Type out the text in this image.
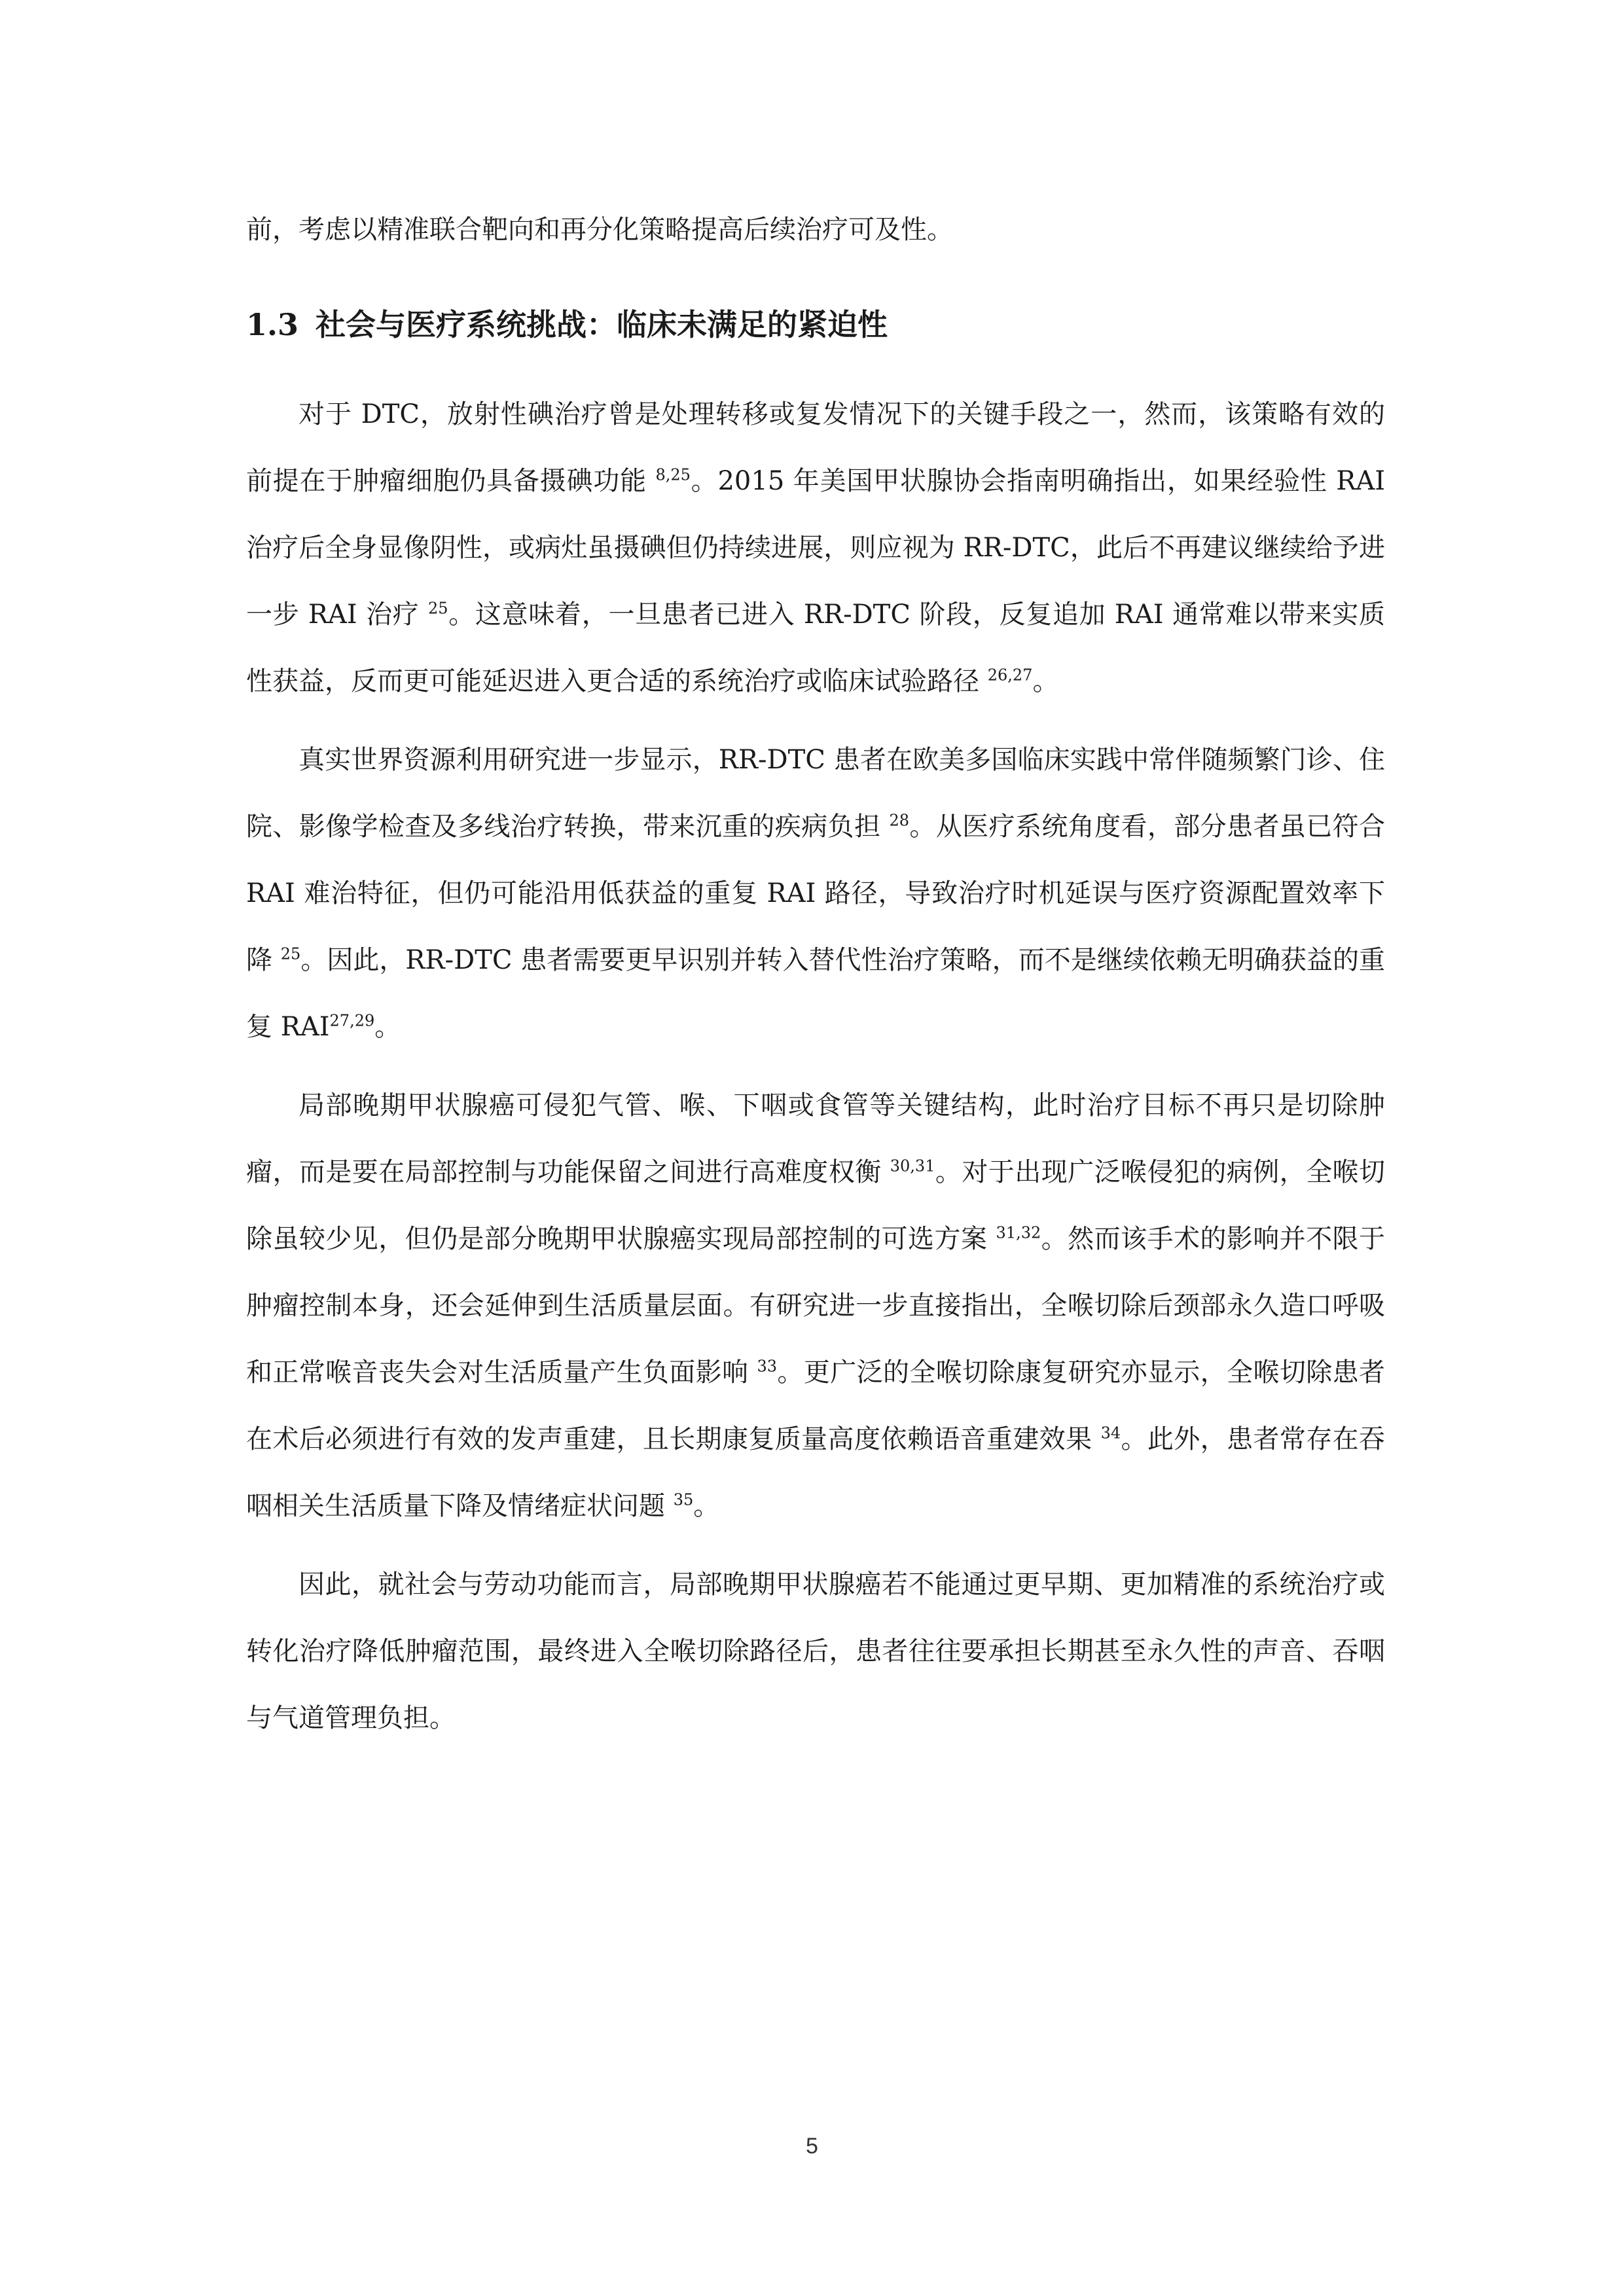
前，考虑以精准联合靶向和再分化策略提高后续治疗可及性。

1.3 社会与医疗系统挑战：临床未满足的紧迫性

对于 DTC，放射性碘治疗曾是处理转移或复发情况下的关键手段之一，然而，该策略有效的前提在于肿瘤细胞仍具备摄碘功能 $^{8,25}$。2015 年美国甲状腺协会指南明确指出，如果经验性 RAI 治疗后全身显像阴性，或病灶虽摄碘但仍持续进展，则应视为 RR-DTC，此后不再建议继续给予进一步 RAI 治疗 $^{25}$。这意味着，一旦患者已进入 RR-DTC 阶段，反复追加 RAI 通常难以带来实质性获益，反而更可能延迟进入更合适的系统治疗或临床试验路径 $^{26,27}$。

真实世界资源利用研究进一步显示，RR-DTC 患者在欧美多国临床实践中常伴随频繁门诊、住院、影像学检查及多线治疗转换，带来沉重的疾病负担 $^{28}$。从医疗系统角度看，部分患者虽已符合 RAI 难治特征，但仍可能沿用低获益的重复 RAI 路径，导致治疗时机延误与医疗资源配置效率下降 $^{25}$。因此，RR-DTC 患者需要更早识别并转入替代性治疗策略，而不是继续依赖无明确获益的重复 RAI$^{27,29}$。

局部晚期甲状腺癌可侵犯气管、喉、下咽或食管等关键结构，此时治疗目标不再只是切除肿瘤，而是要在局部控制与功能保留之间进行高难度权衡 $^{30,31}$。对于出现广泛喉侵犯的病例，全喉切除虽较少见，但仍是部分晚期甲状腺癌实现局部控制的可选方案 $^{31,32}$。然而该手术的影响并不限于肿瘤控制本身，还会延伸到生活质量层面。有研究进一步直接指出，全喉切除后颈部永久造口呼吸和正常喉音丧失会对生活质量产生负面影响 $^{33}$。更广泛的全喉切除康复研究亦显示，全喉切除患者在术后必须进行有效的发声重建，且长期康复质量高度依赖语音重建效果 $^{34}$。此外，患者常存在吞咽相关生活质量下降及情绪症状问题 $^{35}$。

因此，就社会与劳动功能而言，局部晚期甲状腺癌若不能通过更早期、更加精准的系统治疗或转化治疗降低肿瘤范围，最终进入全喉切除路径后，患者往往要承担长期甚至永久性的声音、吞咽与气道管理负担。

5
